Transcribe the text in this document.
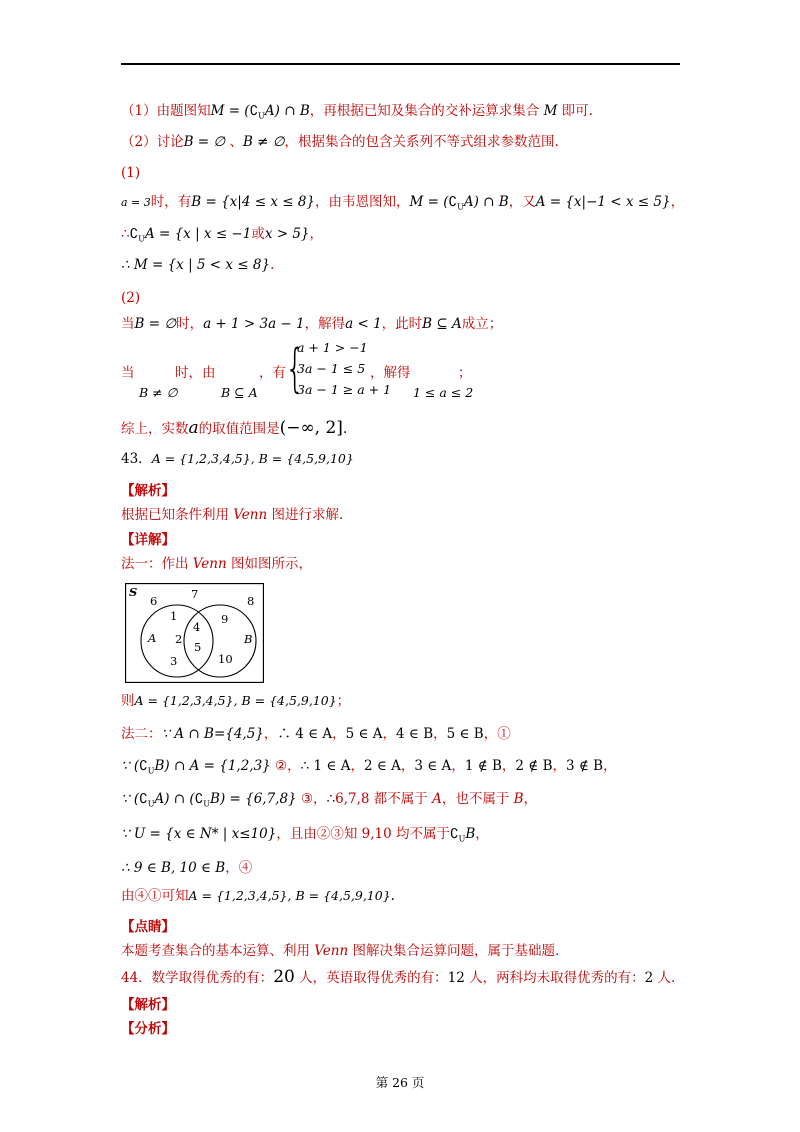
（1）由题图知$M = (∁_UA)$ ∩ B，再根据已知及集合的交补运算求集合 M 即可.
（2）讨论B = ∅ 、B ≠ ∅，根据集合的包含关系列不等式组求参数范围.
(1)
a = 3时，有B = {x|4 ≤ x ≤ 8}，由韦恩图知，$M = (∁_UA)$ ∩ B，又A = {x|−1 < x ≤ 5}，
$\therefore∁_UA = \{x$ | x ≤ −1或x > 5}，
∴ M = {x | 5 < x ≤ 8}.
(2)
当B = ∅时，a + 1 > 3a − 1，解得a < 1，此时B ⊆ A成立；
当	时，由	，有	，解得	；
B ≠ ∅	B ⊆ A	1 ≤ a ≤ 2
{
a + 1 > −1
3a − 1 ≤ 5
3a − 1 ≥ a + 1
综上，实数a的取值范围是(−∞, 2].
43．A = {1,2,3,4,5}, B = {4,5,9,10}
【解析】
根据已知条件利用 Venn 图进行求解.
【详解】
法一：作出 Venn 图如图所示，
S
6	7	8
1
A 2
3
4
5
9
B
10
则A = {1,2,3,4,5}, B = {4,5,9,10}；
法二：∵ A ∩ B={4,5}，∴ 4 ∈ A，5 ∈ A，4 ∈ B，5 ∈ B，①
∵ $(∁_UB)$ ∩ A = {1,2,3} ②，∴ 1 ∈ A，2 ∈ A，3 ∈ A，1 ∉ B，2 ∉ B，3 ∉ B，
∵ $(∁_UA)$ ∩ $(∁_UB) = \{6,7,8\}$ ③，∴6,7,8 都不属于 A，也不属于 B，
∵ U = {x ∈ N* | x≤10}，且由②③知 9,10 均不属于$∁_UB$，
∴ 9 ∈ B, 10 ∈ B，④
由④①可知A = {1,2,3,4,5}, B = {4,5,9,10}.
【点睛】
本题考查集合的基本运算、利用 Venn 图解决集合运算问题，属于基础题.
44．数学取得优秀的有：20 人，英语取得优秀的有：12 人，两科均未取得优秀的有：2 人.
【解析】
【分析】
第 26 页
